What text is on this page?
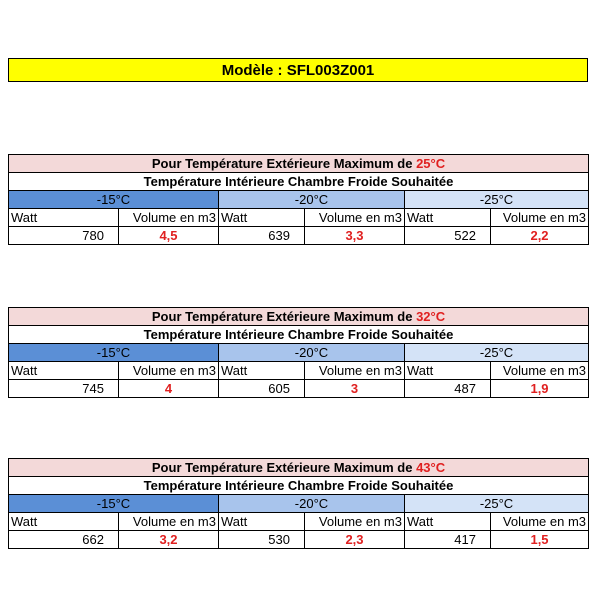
Modèle : SFL003Z001
Pour Température Extérieure Maximum de 25°C					
Température Intérieure Chambre Froide Souhaitée					
-15°C		-20°C		-25°C	
Watt	Volume en m3	Watt	Volume en m3	Watt	Volume en m3
780	4,5	639	3,3	522	2,2
Pour Température Extérieure Maximum de 32°C					
Température Intérieure Chambre Froide Souhaitée					
-15°C		-20°C		-25°C	
Watt	Volume en m3	Watt	Volume en m3	Watt	Volume en m3
745	4	605	3	487	1,9
Pour Température Extérieure Maximum de 43°C					
Température Intérieure Chambre Froide Souhaitée					
-15°C		-20°C		-25°C	
Watt	Volume en m3	Watt	Volume en m3	Watt	Volume en m3
662	3,2	530	2,3	417	1,5
